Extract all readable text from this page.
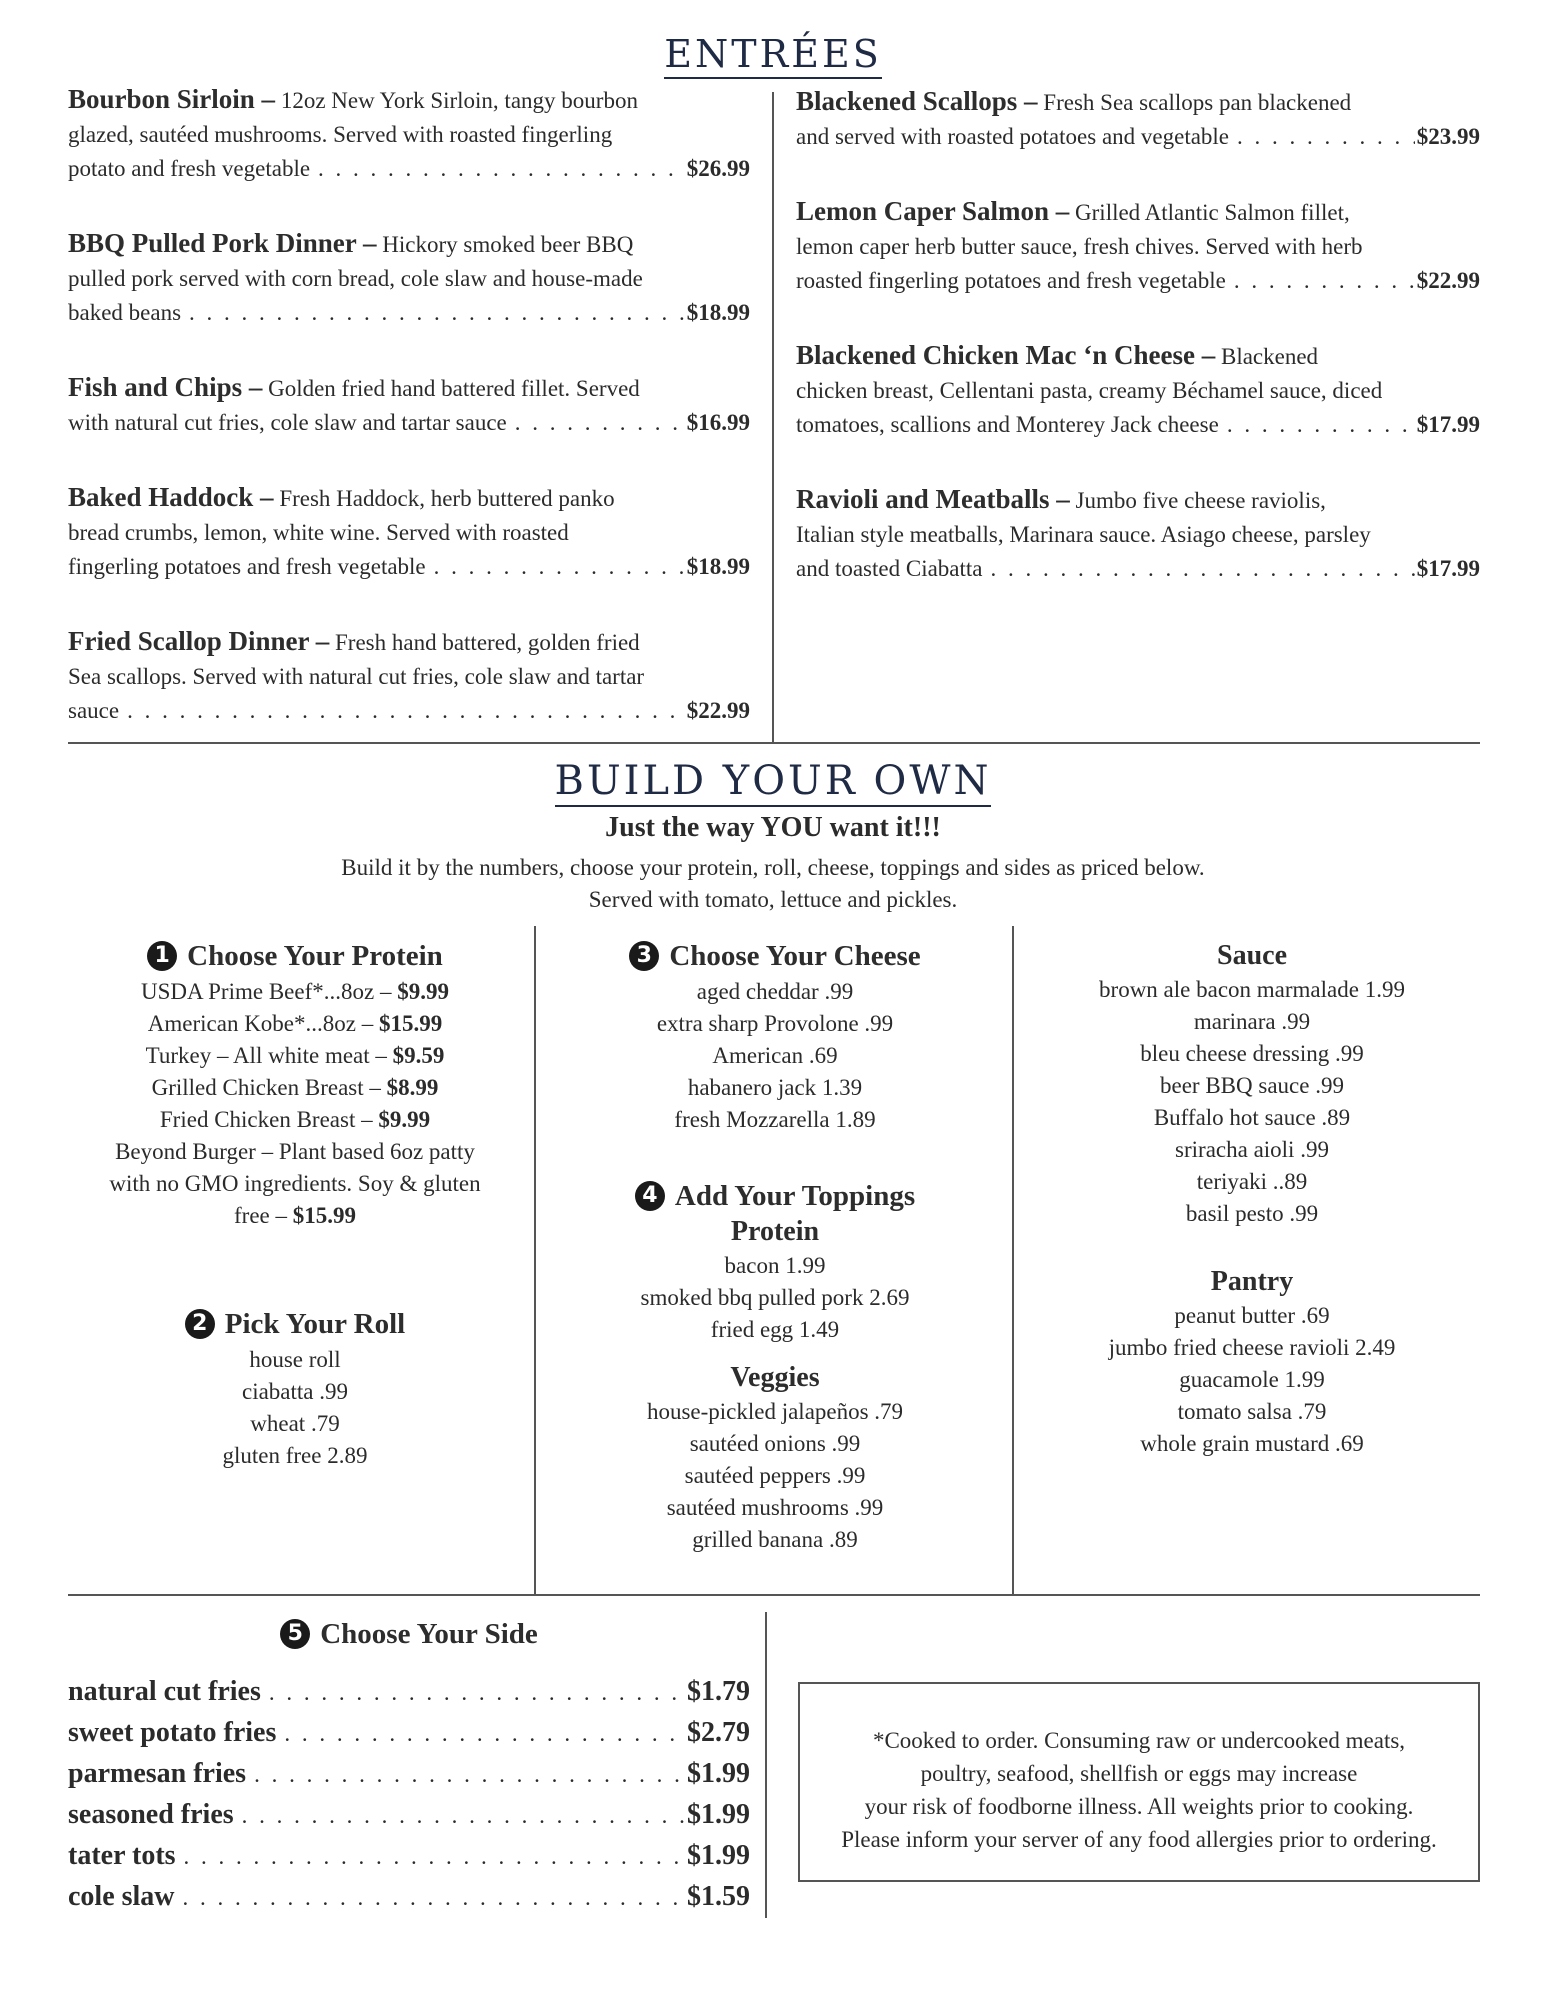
ENTRÉES
Bourbon Sirloin – 12oz New York Sirloin, tangy bourbon
glazed, sautéed mushrooms. Served with roasted fingerling
potato and fresh vegetable . . .	$26.99
BBQ Pulled Pork Dinner – Hickory smoked beer BBQ
pulled pork served with corn bread, cole slaw and house-made
baked beans . . .	$18.99
Fish and Chips – Golden fried hand battered fillet. Served
with natural cut fries, cole slaw and tartar sauce . . .	$16.99
Baked Haddock – Fresh Haddock, herb buttered panko
bread crumbs, lemon, white wine. Served with roasted
fingerling potatoes and fresh vegetable . . .	$18.99
Fried Scallop Dinner – Fresh hand battered, golden fried
Sea scallops. Served with natural cut fries, cole slaw and tartar
sauce . . .	$22.99
Blackened Scallops – Fresh Sea scallops pan blackened
and served with roasted potatoes and vegetable . . .	$23.99
Lemon Caper Salmon – Grilled Atlantic Salmon fillet,
lemon caper herb butter sauce, fresh chives. Served with herb
roasted fingerling potatoes and fresh vegetable . . .	$22.99
Blackened Chicken Mac ‘n Cheese – Blackened
chicken breast, Cellentani pasta, creamy Béchamel sauce, diced
tomatoes, scallions and Monterey Jack cheese . . .	$17.99
Ravioli and Meatballs – Jumbo five cheese raviolis,
Italian style meatballs, Marinara sauce. Asiago cheese, parsley
and toasted Ciabatta . . .	$17.99
BUILD YOUR OWN
Just the way YOU want it!!!
Build it by the numbers, choose your protein, roll, cheese, toppings and sides as priced below.
Served with tomato, lettuce and pickles.
1 Choose Your Protein
USDA Prime Beef*...8oz – $9.99
American Kobe*...8oz – $15.99
Turkey – All white meat – $9.59
Grilled Chicken Breast – $8.99
Fried Chicken Breast – $9.99
Beyond Burger – Plant based 6oz patty
with no GMO ingredients. Soy & gluten
free – $15.99
2 Pick Your Roll
house roll
ciabatta .99
wheat .79
gluten free 2.89
3 Choose Your Cheese
aged cheddar .99
extra sharp Provolone .99
American .69
habanero jack 1.39
fresh Mozzarella 1.89
4 Add Your Toppings
Protein
bacon 1.99
smoked bbq pulled pork 2.69
fried egg 1.49
Veggies
house-pickled jalapeños .79
sautéed onions .99
sautéed peppers .99
sautéed mushrooms .99
grilled banana .89
Sauce
brown ale bacon marmalade 1.99
marinara .99
bleu cheese dressing .99
beer BBQ sauce .99
Buffalo hot sauce .89
sriracha aioli .99
teriyaki ..89
basil pesto .99
Pantry
peanut butter .69
jumbo fried cheese ravioli 2.49
guacamole 1.99
tomato salsa .79
whole grain mustard .69
5 Choose Your Side
natural cut fries . . .	$1.79
sweet potato fries . . .	$2.79
parmesan fries . . .	$1.99
seasoned fries . . .	$1.99
tater tots . . .	$1.99
cole slaw . . .	$1.59
*Cooked to order. Consuming raw or undercooked meats,
poultry, seafood, shellfish or eggs may increase
your risk of foodborne illness. All weights prior to cooking.
Please inform your server of any food allergies prior to ordering.
